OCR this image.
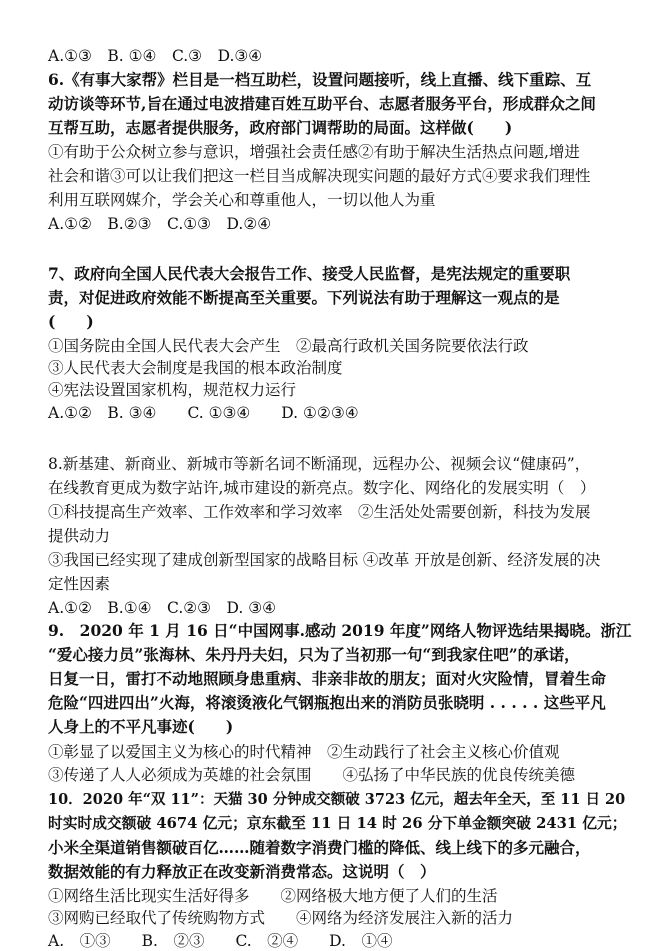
A.①③　B. ①④　C.③　D.③④
6.《有事大家帮》栏目是一档互助栏，设置问题接听，线上直播、线下重踪、互
动访谈等环节,旨在通过电波措建百姓互助平台、志愿者服务平台，形成群众之间
互帮互助，志愿者提供服务，政府部门调帮助的局面。这样做(　　)
①有助于公众树立参与意识，增强社会责任感②有助于解决生活热点问题,增进
社会和谐③可以让我们把这一栏目当成解决现实问题的最好方式④要求我们理性
利用互联网媒介，学会关心和尊重他人，一切以他人为重
A.①②　B.②③　C.①③　D.②④
7、政府向全国人民代表大会报告工作、接受人民监督，是宪法规定的重要职
责，对促进政府效能不断提高至关重要。下列说法有助于理解这一观点的是
(　　)
①国务院由全国人民代表大会产生　②最高行政机关国务院要依法行政
③人民代表大会制度是我国的根本政治制度
④宪法设置国家机构，规范权力运行
A.①②　B. ③④　　C. ①③④　　D. ①②③④
8.新基建、新商业、新城市等新名词不断涌现，远程办公、视频会议“健康码”，
在线教育更成为数字站许,城市建设的新亮点。数字化、网络化的发展实明（　）
①科技提高生产效率、工作效率和学习效率　②生活处处需要创新，科技为发展
提供动力
③我国已经实现了建成创新型国家的战略目标 ④改革 开放是创新、经济发展的决
定性因素
A.①②　B.①④　C.②③　D. ③④
9.　2020 年 1 月 16 日“中国网事.感动 2019 年度”网络人物评选结果揭晓。浙江
“爱心接力员”张海林、朱丹丹夫妇，只为了当初那一句“到我家住吧”的承诺，
日复一日，雷打不动地照顾身患重病、非亲非故的朋友；面对火灾险情，冒着生命
危险“四进四出”火海，将滚烫液化气钢瓶抱出来的消防员张晓明 . . . . . 这些平凡
人身上的不平凡事迹(　　)
①彰显了以爱国主义为核心的时代精神　②生动践行了社会主义核心价值观
③传递了人人必须成为英雄的社会氛围　　④弘扬了中华民族的优良传统美德
10．2020 年“双 11”：天猫 30 分钟成交额破 3723 亿元，超去年全天，至 11 日 20
时实时成交额破 4674 亿元；京东截至 11 日 14 时 26 分下单金额突破 2431 亿元；
小米全渠道销售额破百亿……随着数字消费门槛的降低、线上线下的多元融合，
数据效能的有力释放正在改变新消费常态。这说明（　）
①网络生活比现实生活好得多　　②网络极大地方便了人们的生活
③网购已经取代了传统购物方式　　④网络为经济发展注入新的活力
A.　①③　　B.　②③　　C.　②④　　D.　①④
